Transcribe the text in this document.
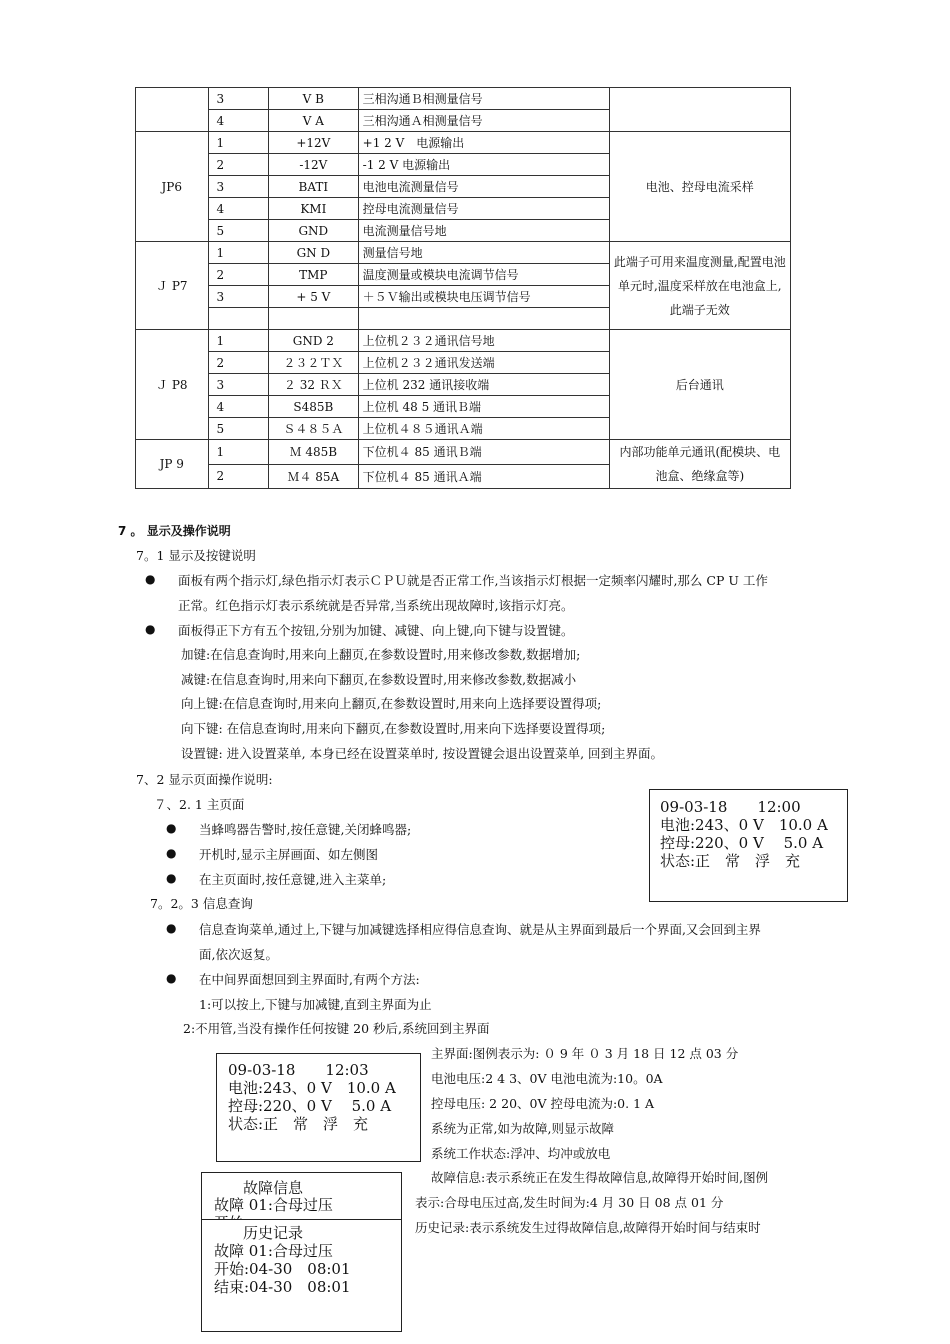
	3	V B	三相沟通Ｂ相测量信号	
	4	V A	三相沟通Ａ相测量信号	
JP6	1	+12V	+1 2 V　电源输出	电池、控母电流采样
	2	-12V	-1 2 V 电源输出	
	3	BATI	电池电流测量信号	
	4	KMI	控母电流测量信号	
	5	GND	电流测量信号地	
Ｊ P7	1	GN D	测量信号地	此端子可用来温度测量,配置电池单元时,温度采样放在电池盒上,此端子无效
	2	TMP	温度测量或模块电流调节信号	
	3	+ 5 V	＋５Ｖ输出或模块电压调节信号	

Ｊ P8	1	GND 2	上位机２３２通讯信号地	后台通讯
	2	２３２ＴＸ	上位机２３２通讯发送端	
	3	２ 32 ＲＸ	上位机 232 通讯接收端	
	4	S485B	上位机 48 5 通讯Ｂ端	
	5	Ｓ４８５Ａ	上位机４８５通讯Ａ端	
JP 9	1	Ｍ 485B	下位机４ 85 通讯Ｂ端	内部功能单元通讯(配模块、电池盒、绝缘盒等)
	2	Ｍ４ 85A	下位机４ 85 通讯Ａ端	
7 ﻿。 显示及操作说明
7。1 显示及按键说明
● 面板有两个指示灯,绿色指示灯表示ＣＰＵ就是否正常工作,当该指示灯根据一定频率闪耀时,那么 CP U 工作
正常。红色指示灯表示系统就是否异常,当系统出现故障时,该指示灯亮。
● 面板得正下方有五个按钮,分别为加键、减键、向上键,向下键与设置键。
加键:在信息查询时,用来向上翻页,在参数设置时,用来修改参数,数据增加;
减键:在信息查询时,用来向下翻页,在参数设置时,用来修改参数,数据减小
向上键:在信息查询时,用来向上翻页,在参数设置时,用来向上选择要设置得项;
向下键: 在信息查询时,用来向下翻页,在参数设置时,用来向下选择要设置得项;
设置键: 进入设置菜单, 本身已经在设置菜单时, 按设置键会退出设置菜单, 回到主界面。
7、2 显示页面操作说明:
７、2. 1 主页面
● 当蜂鸣器告警时,按任意键,关闭蜂鸣器;
● 开机时,显示主屏画面、如左侧图
● 在主页面时,按任意键,进入主菜单;
09-03-18　　12:00
电池:243、0 V　10.0 A
控母:220、0 V　 5.0 A
状态:正　常　浮　充
7。2。3 信息查询
● 信息查询菜单,通过上,下键与加减键选择相应得信息查询、就是从主界面到最后一个界面,又会回到主界
面,依次返复。
● 在中间界面想回到主界面时,有两个方法:
1:可以按上,下键与加减键,直到主界面为止
2:不用管,当没有操作任何按键 20 秒后,系统回到主界面
09-03-18　　12:03
电池:243、0 V　10.0 A
控母:220、0 V　 5.0 A
状态:正　常　浮　充
故障信息
故障 01:合母过压
历史记录
故障 01:合母过压
开始:04-30　08:01
结束:04-30　08:01
主界面:图例表示为: ０ 9 年 ０ 3 月 18 日 12 点 03 分
电池电压:2 4 3、0V 电池电流为:10。0A
控母电压: 2 20、0V 控母电流为:0. 1 A
系统为正常,如为故障,则显示故障
系统工作状态:浮冲、均冲或放电
故障信息:表示系统正在发生得故障信息,故障得开始时间,图例
表示:合母电压过高,发生时间为:4 月 30 日 08 点 01 分
历史记录:表示系统发生过得故障信息,故障得开始时间与结束时
